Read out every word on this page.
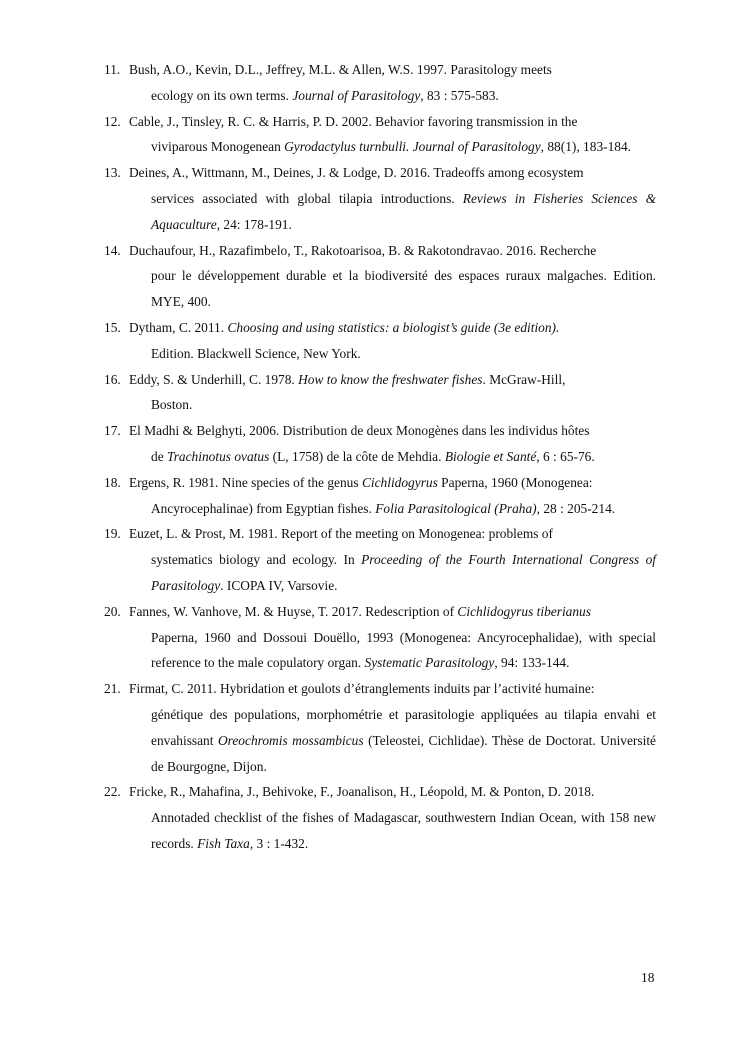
11. Bush, A.O., Kevin, D.L., Jeffrey, M.L. & Allen, W.S. 1997. Parasitology meets
ecology on its own terms. Journal of Parasitology, 83 : 575-583.
12. Cable, J., Tinsley, R. C. & Harris, P. D. 2002. Behavior favoring transmission in the
viviparous Monogenean Gyrodactylus turnbulli. Journal of Parasitology, 88(1), 183-184.
13. Deines, A., Wittmann, M., Deines, J. & Lodge, D. 2016. Tradeoffs among ecosystem
services associated with global tilapia introductions. Reviews in Fisheries Sciences & Aquaculture, 24: 178-191.
14. Duchaufour, H., Razafimbelo, T., Rakotoarisoa, B. & Rakotondravao. 2016. Recherche
pour le développement durable et la biodiversité des espaces ruraux malgaches. Edition. MYE, 400.
15. Dytham, C. 2011. Choosing and using statistics: a biologist’s guide (3e edition).
Edition. Blackwell Science, New York.
16. Eddy, S. & Underhill, C. 1978. How to know the freshwater fishes. McGraw-Hill,
Boston.
17. El Madhi & Belghyti, 2006. Distribution de deux Monogènes dans les individus hôtes
de Trachinotus ovatus (L, 1758) de la côte de Mehdia. Biologie et Santé, 6 : 65-76.
18. Ergens, R. 1981. Nine species of the genus Cichlidogyrus Paperna, 1960 (Monogenea:
Ancyrocephalinae) from Egyptian fishes. Folia Parasitological (Praha), 28 : 205-214.
19. Euzet, L. & Prost, M. 1981. Report of the meeting on Monogenea: problems of
systematics biology and ecology. In Proceeding of the Fourth International Congress of Parasitology. ICOPA IV, Varsovie.
20. Fannes, W. Vanhove, M. & Huyse, T. 2017. Redescription of Cichlidogyrus tiberianus
Paperna, 1960 and Dossoui Douëllo, 1993 (Monogenea: Ancyrocephalidae), with special reference to the male copulatory organ. Systematic Parasitology, 94: 133-144.
21. Firmat, C. 2011. Hybridation et goulots d’étranglements induits par l’activité humaine:
génétique des populations, morphométrie et parasitologie appliquées au tilapia envahi et envahissant Oreochromis mossambicus (Teleostei, Cichlidae). Thèse de Doctorat. Université de Bourgogne, Dijon.
22. Fricke, R., Mahafina, J., Behivoke, F., Joanalison, H., Léopold, M. & Ponton, D. 2018.
Annotaded checklist of the fishes of Madagascar, southwestern Indian Ocean, with 158 new records. Fish Taxa, 3 : 1-432.
18
